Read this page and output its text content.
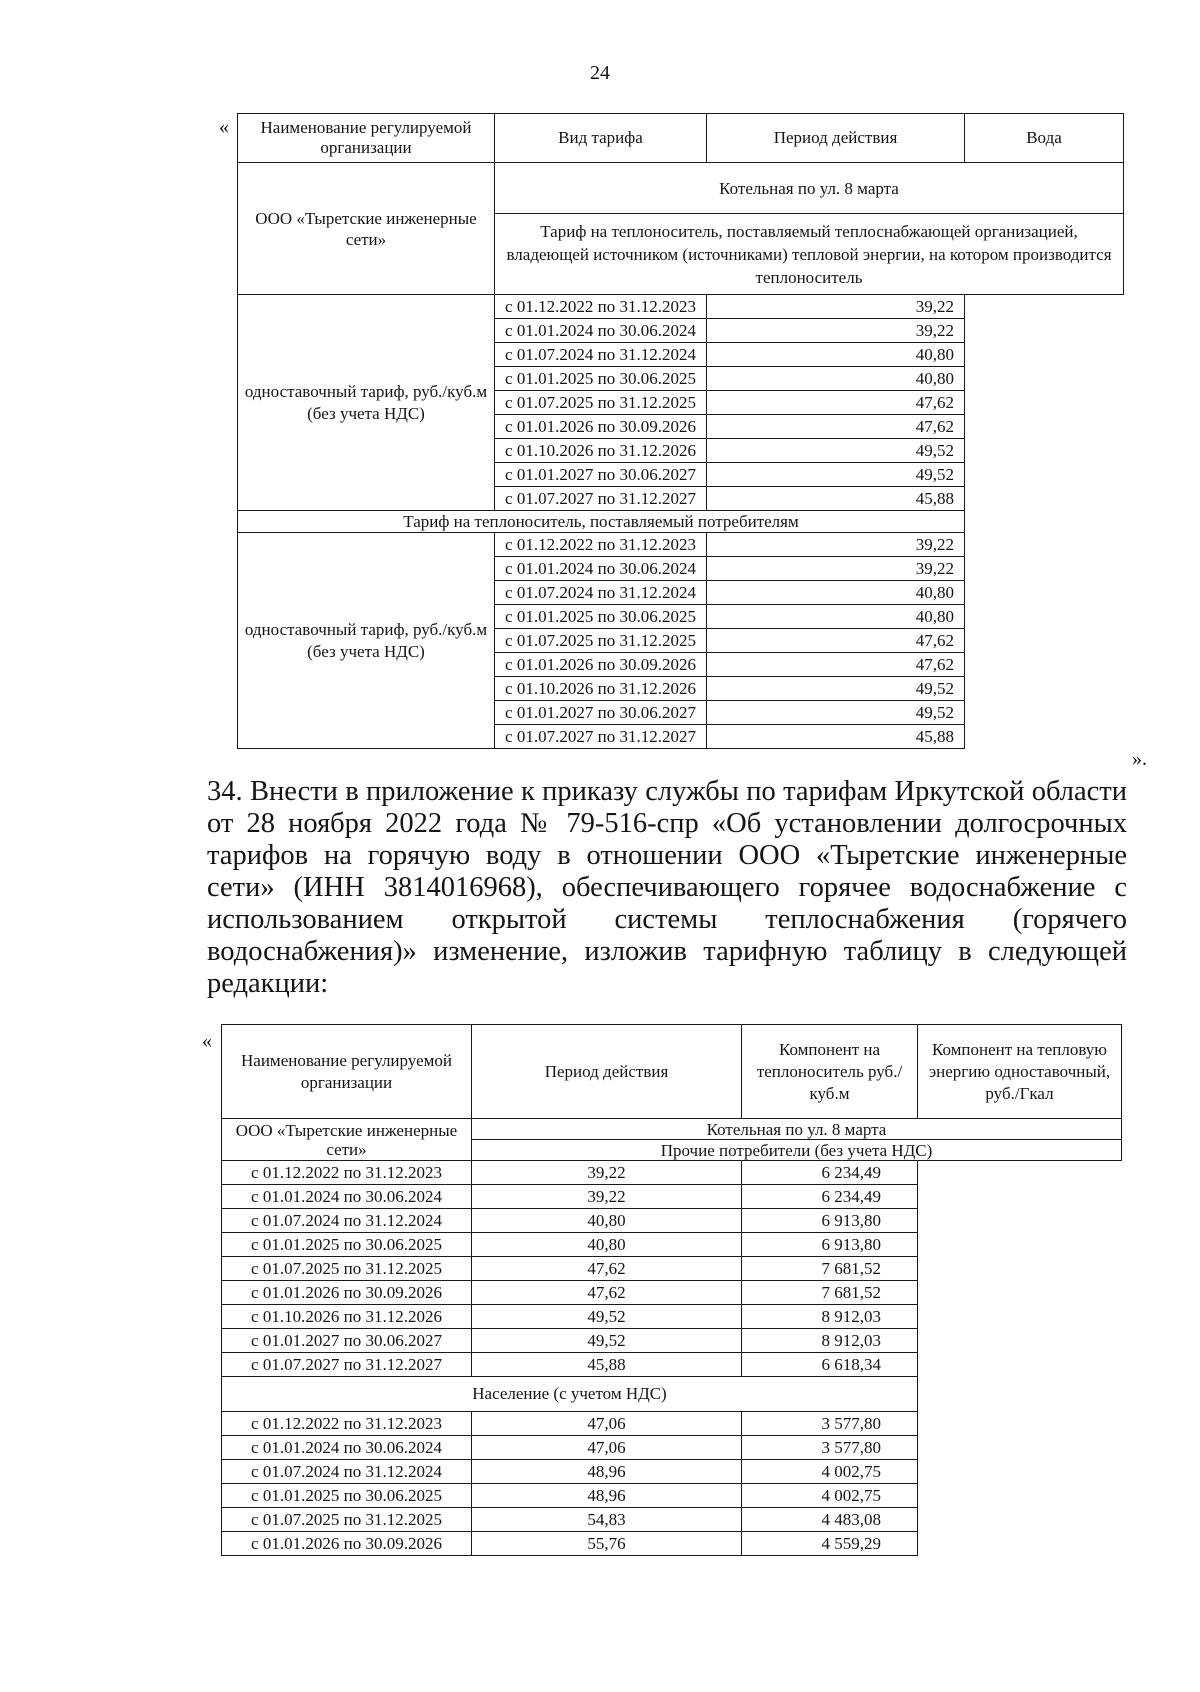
24
« Наименование регулируемой организации	Вид тарифа	Период действия	Вода
ООО «Тыретские инженерные сети»	Котельная по ул. 8 марта		
	Тариф на теплоноситель, поставляемый теплоснабжающей организацией, владеющей источником (источниками) тепловой энергии, на котором производится теплоноситель		
одноставочный тариф, руб./куб.м (без учета НДС)	с 01.12.2022 по 31.12.2023	39,22	
	с 01.01.2024 по 30.06.2024	39,22	
	с 01.07.2024 по 31.12.2024	40,80	
	с 01.01.2025 по 30.06.2025	40,80	
	с 01.07.2025 по 31.12.2025	47,62	
	с 01.01.2026 по 30.09.2026	47,62	
	с 01.10.2026 по 31.12.2026	49,52	
	с 01.01.2027 по 30.06.2027	49,52	
	с 01.07.2027 по 31.12.2027	45,88	
Тариф на теплоноситель, поставляемый потребителям			
одноставочный тариф, руб./куб.м (без учета НДС)	с 01.12.2022 по 31.12.2023	39,22	
	с 01.01.2024 по 30.06.2024	39,22	
	с 01.07.2024 по 31.12.2024	40,80	
	с 01.01.2025 по 30.06.2025	40,80	
	с 01.07.2025 по 31.12.2025	47,62	
	с 01.01.2026 по 30.09.2026	47,62	
	с 01.10.2026 по 31.12.2026	49,52	
	с 01.01.2027 по 30.06.2027	49,52	
	с 01.07.2027 по 31.12.2027	45,88	
».
34. Внести в приложение к приказу службы по тарифам Иркутской области от 28 ноября 2022 года № 79-516-спр «Об установлении долгосрочных тарифов на горячую воду в отношении ООО «Тыретские инженерные сети» (ИНН 3814016968), обеспечивающего горячее водоснабжение с использованием открытой системы теплоснабжения (горячего водоснабжения)» изменение, изложив тарифную таблицу в следующей редакции:
«
Наименование регулируемой организации	Период действия	Компонент на теплоноситель руб./куб.м	Компонент на тепловую энергию одноставочный, руб./Гкал
ООО «Тыретские инженерные сети»	Котельная по ул. 8 марта		
	Прочие потребители (без учета НДС)		
с 01.12.2022 по 31.12.2023	39,22	6 234,49	
с 01.01.2024 по 30.06.2024	39,22	6 234,49	
с 01.07.2024 по 31.12.2024	40,80	6 913,80	
с 01.01.2025 по 30.06.2025	40,80	6 913,80	
с 01.07.2025 по 31.12.2025	47,62	7 681,52	
с 01.01.2026 по 30.09.2026	47,62	7 681,52	
с 01.10.2026 по 31.12.2026	49,52	8 912,03	
с 01.01.2027 по 30.06.2027	49,52	8 912,03	
с 01.07.2027 по 31.12.2027	45,88	6 618,34	
Население (с учетом НДС)			
с 01.12.2022 по 31.12.2023	47,06	3 577,80	
с 01.01.2024 по 30.06.2024	47,06	3 577,80	
с 01.07.2024 по 31.12.2024	48,96	4 002,75	
с 01.01.2025 по 30.06.2025	48,96	4 002,75	
с 01.07.2025 по 31.12.2025	54,83	4 483,08	
с 01.01.2026 по 30.09.2026	55,76	4 559,29	
